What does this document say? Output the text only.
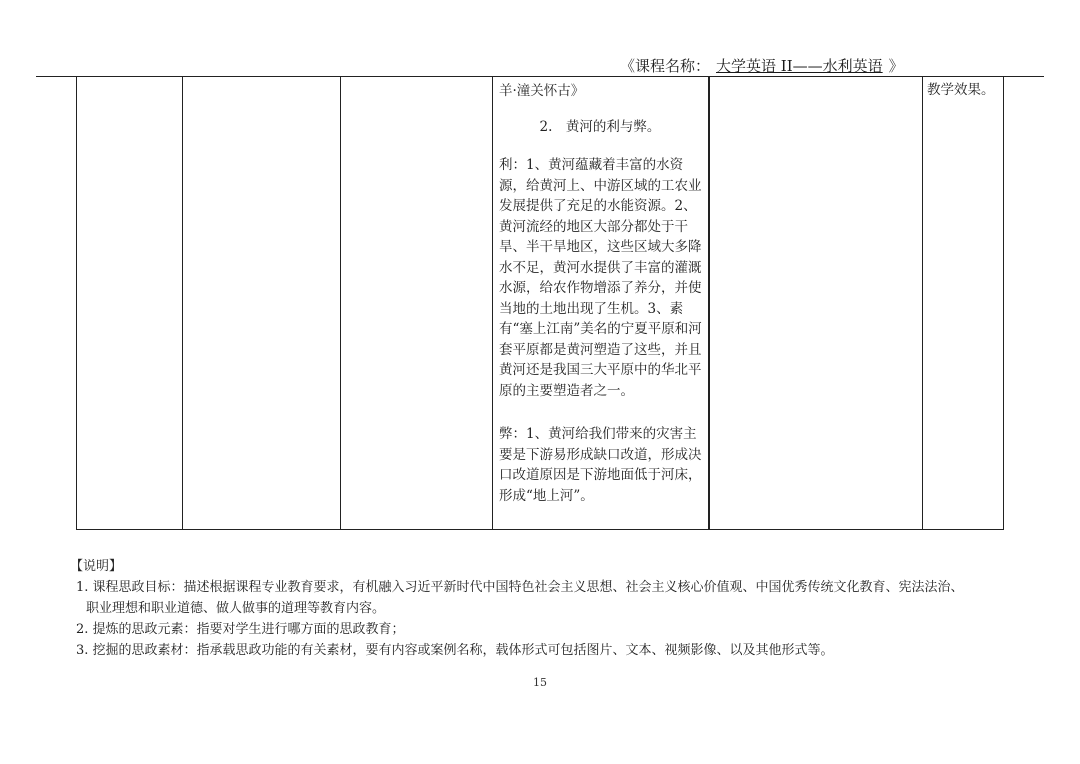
《课程名称： 大学英语 II——水利英语 》
羊·潼关怀古》
2.　黄河的利与弊。
利：1、黄河蕴藏着丰富的水资源，给黄河上、中游区域的工农业发展提供了充足的水能资源。2、黄河流经的地区大部分都处于干旱、半干旱地区，这些区域大多降水不足，黄河水提供了丰富的灌溉水源，给农作物增添了养分，并使当地的土地出现了生机。3、素有“塞上江南”美名的宁夏平原和河套平原都是黄河塑造了这些，并且黄河还是我国三大平原中的华北平原的主要塑造者之一。
弊：1、黄河给我们带来的灾害主要是下游易形成缺口改道，形成决口改道原因是下游地面低于河床，形成“地上河”。
教学效果。
【说明】
1. 课程思政目标：描述根据课程专业教育要求，有机融入习近平新时代中国特色社会主义思想、社会主义核心价值观、中国优秀传统文化教育、宪法法治、
职业理想和职业道德、做人做事的道理等教育内容。
2. 提炼的思政元素：指要对学生进行哪方面的思政教育；
3. 挖掘的思政素材：指承载思政功能的有关素材，要有内容或案例名称，载体形式可包括图片、文本、视频影像、以及其他形式等。
15
